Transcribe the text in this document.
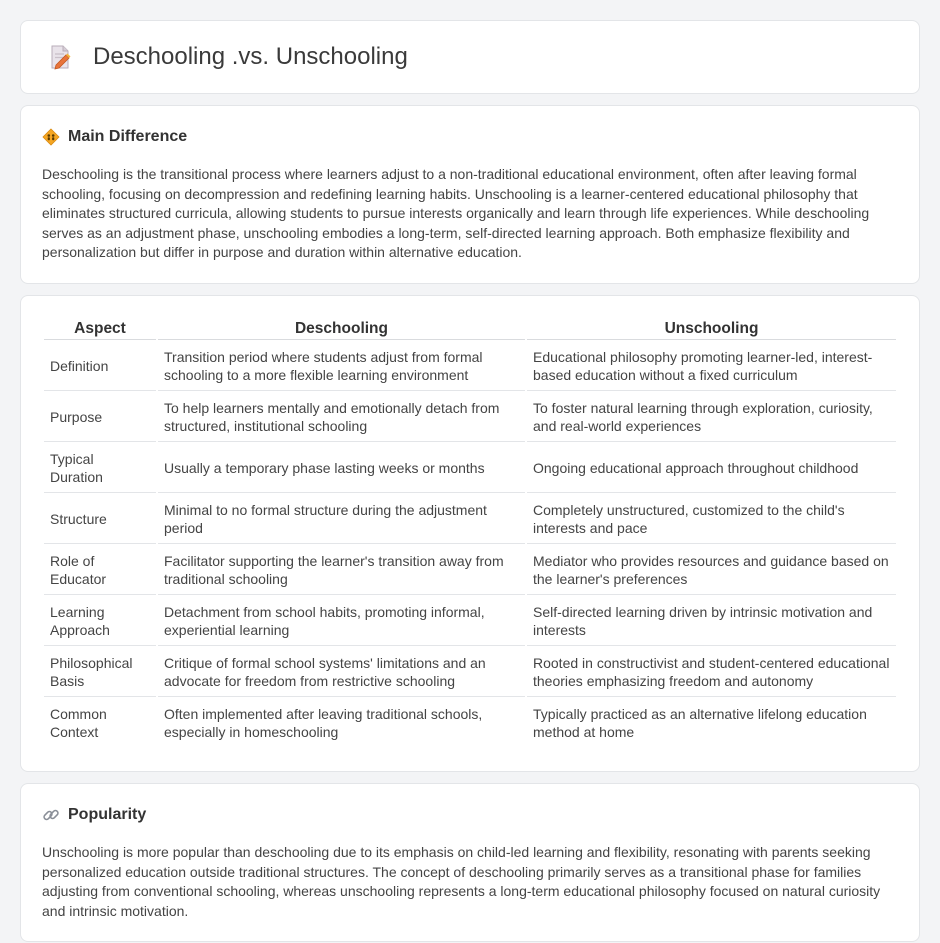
Deschooling .vs. Unschooling
Main Difference

Deschooling is the transitional process where learners adjust to a non-traditional educational environment, often after leaving formal schooling, focusing on decompression and redefining learning habits. Unschooling is a learner-centered educational philosophy that eliminates structured curricula, allowing students to pursue interests organically and learn through life experiences. While deschooling serves as an adjustment phase, unschooling embodies a long-term, self-directed learning approach. Both emphasize flexibility and personalization but differ in purpose and duration within alternative education.

Aspect	Deschooling	Unschooling
Definition	Transition period where students adjust from formal schooling to a more flexible learning environment	Educational philosophy promoting learner-led, interest-based education without a fixed curriculum
Purpose	To help learners mentally and emotionally detach from structured, institutional schooling	To foster natural learning through exploration, curiosity, and real-world experiences
Typical Duration	Usually a temporary phase lasting weeks or months	Ongoing educational approach throughout childhood
Structure	Minimal to no formal structure during the adjustment period	Completely unstructured, customized to the child's interests and pace
Role of Educator	Facilitator supporting the learner's transition away from traditional schooling	Mediator who provides resources and guidance based on the learner's preferences
Learning Approach	Detachment from school habits, promoting informal, experiential learning	Self-directed learning driven by intrinsic motivation and interests
Philosophical Basis	Critique of formal school systems' limitations and an advocate for freedom from restrictive schooling	Rooted in constructivist and student-centered educational theories emphasizing freedom and autonomy
Common Context	Often implemented after leaving traditional schools, especially in homeschooling	Typically practiced as an alternative lifelong education method at home
Popularity

Unschooling is more popular than deschooling due to its emphasis on child-led learning and flexibility, resonating with parents seeking personalized education outside traditional structures. The concept of deschooling primarily serves as a transitional phase for families adjusting from conventional schooling, whereas unschooling represents a long-term educational philosophy focused on natural curiosity and intrinsic motivation.
